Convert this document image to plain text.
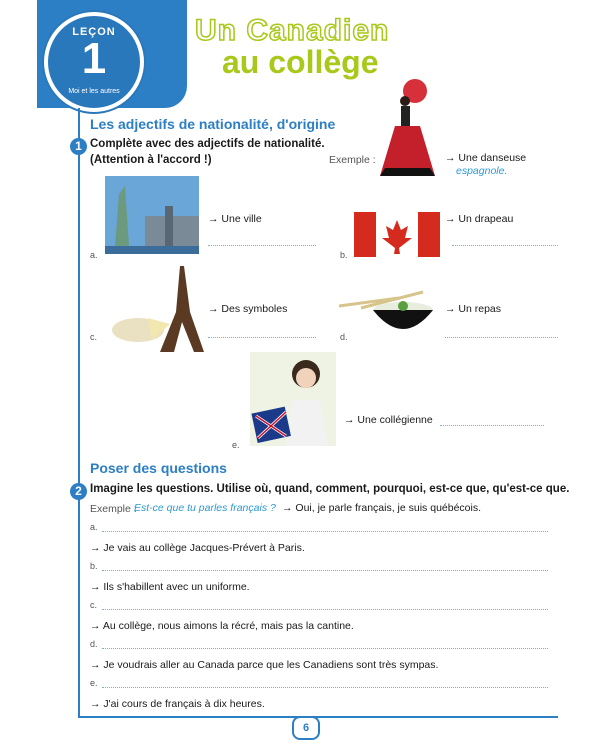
LEÇON
1
Moi et les autres
Un Canadien
au collège
Les adjectifs de nationalité, d'origine
1 Complète avec des adjectifs de nationalité.
(Attention à l'accord !)	Exemple :	→ Une danseuse
espagnole.
a.
→ Une ville
b.
→ Un drapeau
c.
→ Des symboles
d.
→ Un repas
e.
→ Une collégienne
Poser des questions
2 Imagine les questions. Utilise où, quand, comment, pourquoi, est-ce que, qu'est-ce que.
Exemple :
Est-ce que tu parles français ? → Oui, je parle français, je suis québécois.
a.
→ Je vais au collège Jacques-Prévert à Paris.
b.
→ Ils s'habillent avec un uniforme.
c.
→ Au collège, nous aimons la récré, mais pas la cantine.
d.
→ Je voudrais aller au Canada parce que les Canadiens sont très sympas.
e.
→ J'ai cours de français à dix heures.
6
